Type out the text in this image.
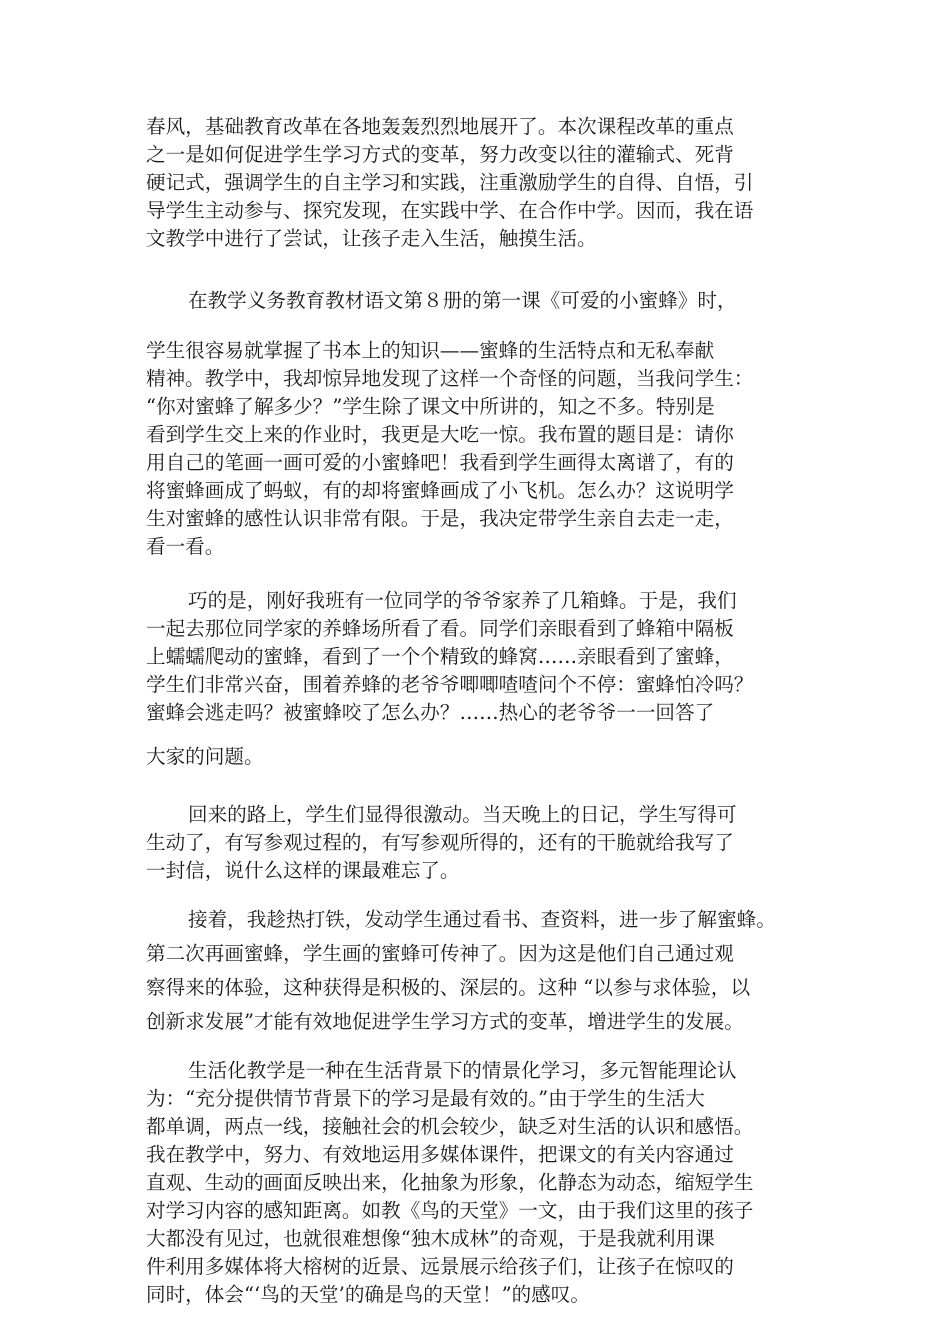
春风，基础教育改革在各地轰轰烈烈地展开了。本次课程改革的重点
之一是如何促进学生学习方式的变革，努力改变以往的灌输式、死背
硬记式，强调学生的自主学习和实践，注重激励学生的自得、自悟，引
导学生主动参与、探究发现，在实践中学、在合作中学。因而，我在语
文教学中进行了尝试，让孩子走入生活，触摸生活。

在教学义务教育教材语文第８册的第一课《可爱的小蜜蜂》时，

学生很容易就掌握了书本上的知识——蜜蜂的生活特点和无私奉献
精神。教学中，我却惊异地发现了这样一个奇怪的问题，当我问学生：
“你对蜜蜂了解多少？”学生除了课文中所讲的，知之不多。特别是
看到学生交上来的作业时，我更是大吃一惊。我布置的题目是：请你
用自己的笔画一画可爱的小蜜蜂吧！我看到学生画得太离谱了，有的
将蜜蜂画成了蚂蚁，有的却将蜜蜂画成了小飞机。怎么办？这说明学
生对蜜蜂的感性认识非常有限。于是，我决定带学生亲自去走一走，
看一看。

巧的是，刚好我班有一位同学的爷爷家养了几箱蜂。于是，我们
一起去那位同学家的养蜂场所看了看。同学们亲眼看到了蜂箱中隔板
上蠕蠕爬动的蜜蜂，看到了一个个精致的蜂窝……亲眼看到了蜜蜂，
学生们非常兴奋，围着养蜂的老爷爷唧唧喳喳问个不停：蜜蜂怕冷吗？
蜜蜂会逃走吗？被蜜蜂咬了怎么办？……热心的老爷爷一一回答了

大家的问题。

回来的路上，学生们显得很激动。当天晚上的日记，学生写得可
生动了，有写参观过程的，有写参观所得的，还有的干脆就给我写了
一封信，说什么这样的课最难忘了。

接着，我趁热打铁，发动学生通过看书、查资料，进一步了解蜜蜂。
第二次再画蜜蜂，学生画的蜜蜂可传神了。因为这是他们自己通过观
察得来的体验，这种获得是积极的、深层的。这种 “以参与求体验，以
创新求发展”才能有效地促进学生学习方式的变革，增进学生的发展。

生活化教学是一种在生活背景下的情景化学习，多元智能理论认
为：“充分提供情节背景下的学习是最有效的。”由于学生的生活大
都单调，两点一线，接触社会的机会较少，缺乏对生活的认识和感悟。
我在教学中，努力、有效地运用多媒体课件，把课文的有关内容通过
直观、生动的画面反映出来，化抽象为形象，化静态为动态，缩短学生
对学习内容的感知距离。如教《鸟的天堂》一文，由于我们这里的孩子
大都没有见过，也就很难想像“独木成林”的奇观，于是我就利用课
件利用多媒体将大榕树的近景、远景展示给孩子们，让孩子在惊叹的
同时，体会“‘鸟的天堂’的确是鸟的天堂！”的感叹。
